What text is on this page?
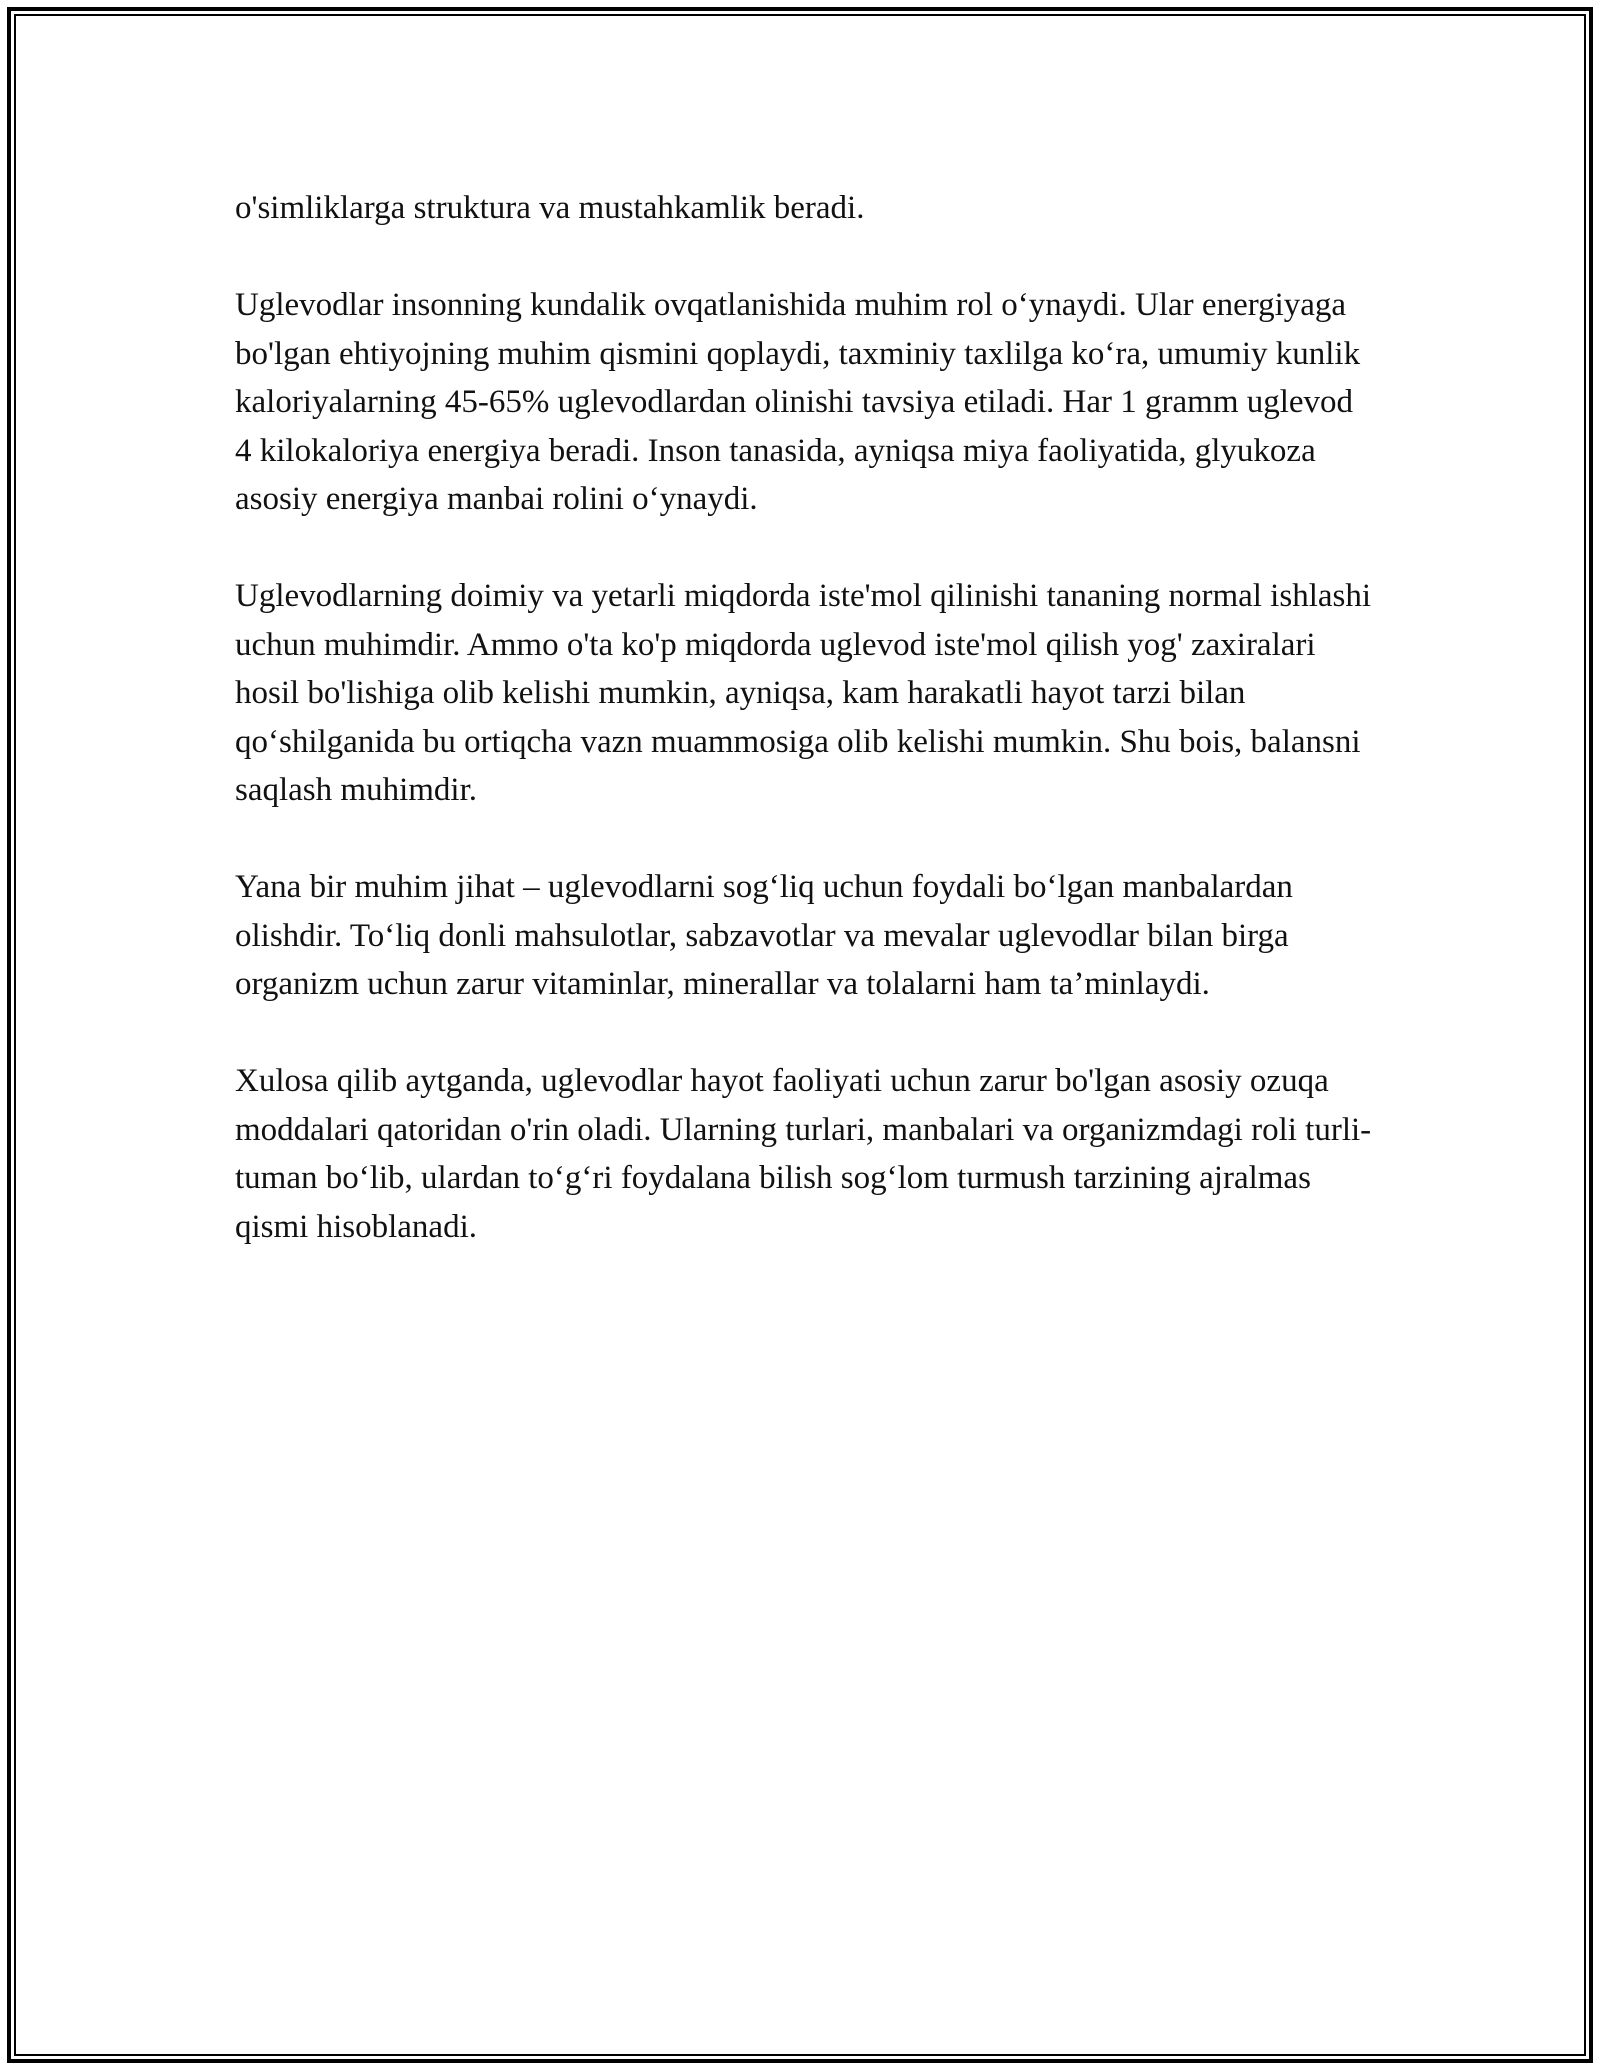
o'simliklarga struktura va mustahkamlik beradi.

Uglevodlar insonning kundalik ovqatlanishida muhim rol o‘ynaydi. Ular energiyaga bo'lgan ehtiyojning muhim qismini qoplaydi, taxminiy taxlilga ko‘ra, umumiy kunlik kaloriyalarning 45-65% uglevodlardan olinishi tavsiya etiladi. Har 1 gramm uglevod 4 kilokaloriya energiya beradi. Inson tanasida, ayniqsa miya faoliyatida, glyukoza asosiy energiya manbai rolini o‘ynaydi.

Uglevodlarning doimiy va yetarli miqdorda iste'mol qilinishi tananing normal ishlashi uchun muhimdir. Ammo o'ta ko'p miqdorda uglevod iste'mol qilish yog' zaxiralari hosil bo'lishiga olib kelishi mumkin, ayniqsa, kam harakatli hayot tarzi bilan qo‘shilganida bu ortiqcha vazn muammosiga olib kelishi mumkin. Shu bois, balansni saqlash muhimdir.

Yana bir muhim jihat – uglevodlarni sog‘liq uchun foydali bo‘lgan manbalardan olishdir. To‘liq donli mahsulotlar, sabzavotlar va mevalar uglevodlar bilan birga organizm uchun zarur vitaminlar, minerallar va tolalarni ham ta’minlaydi.

Xulosa qilib aytganda, uglevodlar hayot faoliyati uchun zarur bo'lgan asosiy ozuqa moddalari qatoridan o'rin oladi. Ularning turlari, manbalari va organizmdagi roli turli-tuman bo‘lib, ulardan to‘g‘ri foydalana bilish sog‘lom turmush tarzining ajralmas qismi hisoblanadi.
